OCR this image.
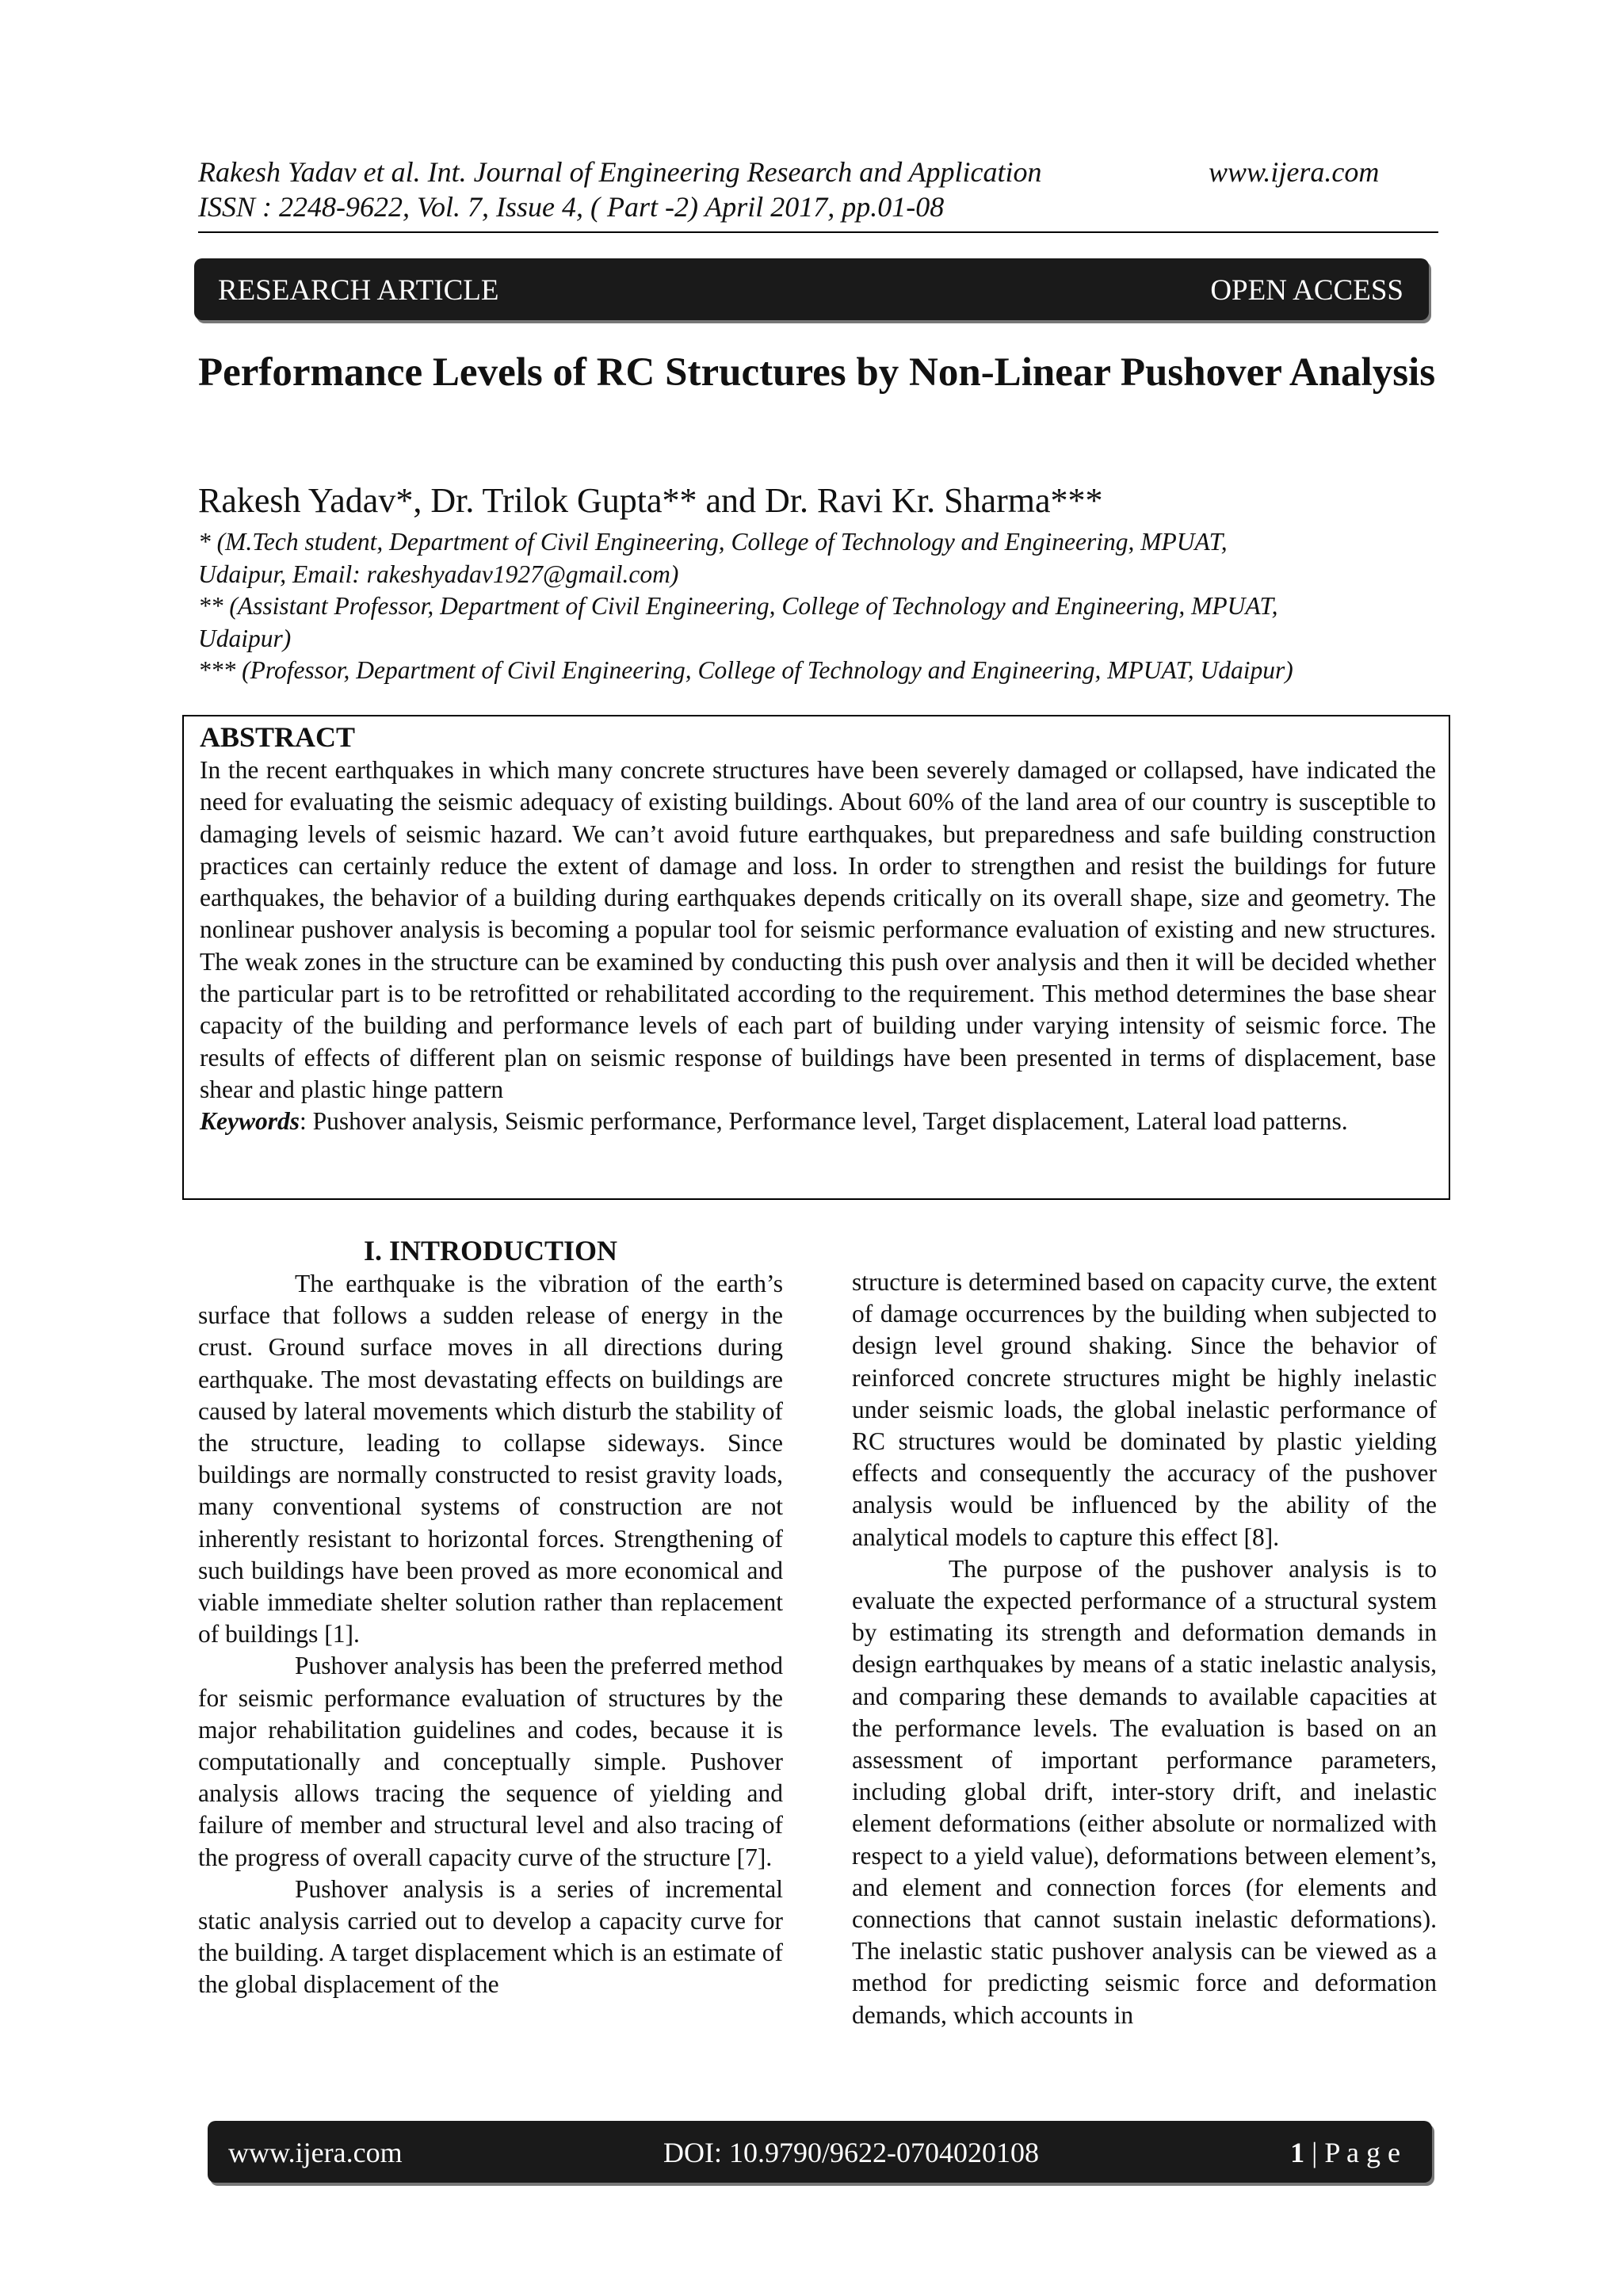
Rakesh Yadav et al. Int. Journal of Engineering Research and Application	www.ijera.com
ISSN : 2248-9622, Vol. 7, Issue 4, ( Part -2) April 2017, pp.01-08
RESEARCH ARTICLE	OPEN ACCESS
Performance Levels of RC Structures by Non-Linear Pushover Analysis

Rakesh Yadav*, Dr. Trilok Gupta** and Dr. Ravi Kr. Sharma***

* (M.Tech student, Department of Civil Engineering, College of Technology and Engineering, MPUAT,
Udaipur, Email: rakeshyadav1927@gmail.com)
** (Assistant Professor, Department of Civil Engineering, College of Technology and Engineering, MPUAT,
Udaipur)
*** (Professor, Department of Civil Engineering, College of Technology and Engineering, MPUAT, Udaipur)
ABSTRACT

In the recent earthquakes in which many concrete structures have been severely damaged or collapsed, have indicated the need for evaluating the seismic adequacy of existing buildings. About 60% of the land area of our country is susceptible to damaging levels of seismic hazard. We can’t avoid future earthquakes, but preparedness and safe building construction practices can certainly reduce the extent of damage and loss. In order to strengthen and resist the buildings for future earthquakes, the behavior of a building during earthquakes depends critically on its overall shape, size and geometry. The nonlinear pushover analysis is becoming a popular tool for seismic performance evaluation of existing and new structures. The weak zones in the structure can be examined by conducting this push over analysis and then it will be decided whether the particular part is to be retrofitted or rehabilitated according to the requirement. This method determines the base shear capacity of the building and performance levels of each part of building under varying intensity of seismic force. The results of effects of different plan on seismic response of buildings have been presented in terms of displacement, base shear and plastic hinge pattern

Keywords: Pushover analysis, Seismic performance, Performance level, Target displacement, Lateral load patterns.

I. INTRODUCTION

The earthquake is the vibration of the earth’s surface that follows a sudden release of energy in the crust. Ground surface moves in all directions during earthquake. The most devastating effects on buildings are caused by lateral movements which disturb the stability of the structure, leading to collapse sideways. Since buildings are normally constructed to resist gravity loads, many conventional systems of construction are not inherently resistant to horizontal forces. Strengthening of such buildings have been proved as more economical and viable immediate shelter solution rather than replacement of buildings [1].

Pushover analysis has been the preferred method for seismic performance evaluation of structures by the major rehabilitation guidelines and codes, because it is computationally and conceptually simple. Pushover analysis allows tracing the sequence of yielding and failure of member and structural level and also tracing of the progress of overall capacity curve of the structure [7].

Pushover analysis is a series of incremental static analysis carried out to develop a capacity curve for the building. A target displacement which is an estimate of the global displacement of the

structure is determined based on capacity curve, the extent of damage occurrences by the building when subjected to design level ground shaking. Since the behavior of reinforced concrete structures might be highly inelastic under seismic loads, the global inelastic performance of RC structures would be dominated by plastic yielding effects and consequently the accuracy of the pushover analysis would be influenced by the ability of the analytical models to capture this effect [8].

The purpose of the pushover analysis is to evaluate the expected performance of a structural system by estimating its strength and deformation demands in design earthquakes by means of a static inelastic analysis, and comparing these demands to available capacities at the performance levels. The evaluation is based on an assessment of important performance parameters, including global drift, inter-story drift, and inelastic element deformations (either absolute or normalized with respect to a yield value), deformations between element’s, and element and connection forces (for elements and connections that cannot sustain inelastic deformations). The inelastic static pushover analysis can be viewed as a method for predicting seismic force and deformation demands, which accounts in

www.ijera.com	DOI: 10.9790/9622-0704020108	1 | P a g e
